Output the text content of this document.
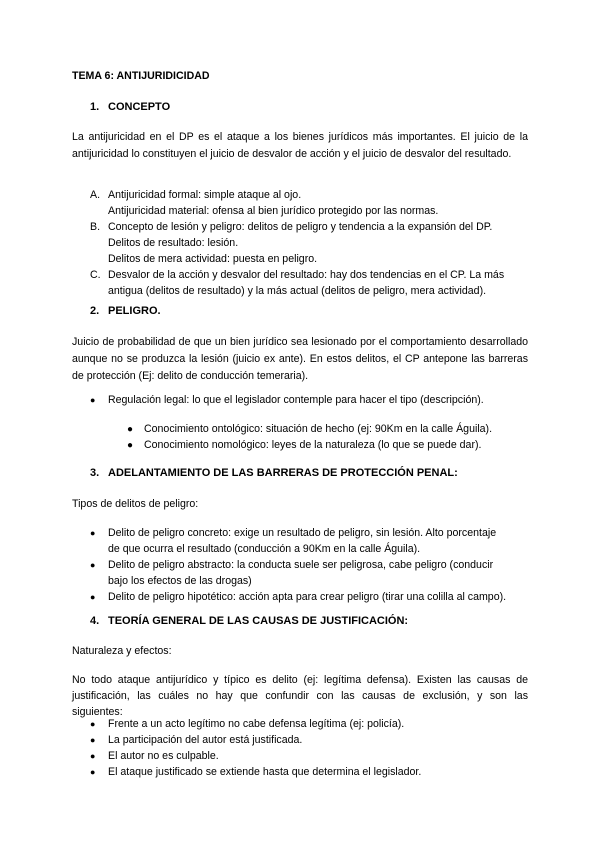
TEMA 6: ANTIJURIDICIDAD
1. CONCEPTO
La antijuricidad en el DP es el ataque a los bienes jurídicos más importantes. El juicio de la antijuricidad lo constituyen el juicio de desvalor de acción y el juicio de desvalor del resultado.
A. Antijuricidad formal: simple ataque al ojo.
Antijuricidad material: ofensa al bien jurídico protegido por las normas.
B. Concepto de lesión y peligro: delitos de peligro y tendencia a la expansión del DP.
Delitos de resultado: lesión.
Delitos de mera actividad: puesta en peligro.
C. Desvalor de la acción y desvalor del resultado: hay dos tendencias en el CP. La más
antigua (delitos de resultado) y la más actual (delitos de peligro, mera actividad).
2. PELIGRO.
Juicio de probabilidad de que un bien jurídico sea lesionado por el comportamiento desarrollado aunque no se produzca la lesión (juicio ex ante). En estos delitos, el CP antepone las barreras de protección (Ej: delito de conducción temeraria).
● Regulación legal: lo que el legislador contemple para hacer el tipo (descripción).
● Conocimiento ontológico: situación de hecho (ej: 90Km en la calle Águila).
● Conocimiento nomológico: leyes de la naturaleza (lo que se puede dar).
3. ADELANTAMIENTO DE LAS BARRERAS DE PROTECCIÓN PENAL:
Tipos de delitos de peligro:
● Delito de peligro concreto: exige un resultado de peligro, sin lesión. Alto porcentaje
de que ocurra el resultado (conducción a 90Km en la calle Águila).
● Delito de peligro abstracto: la conducta suele ser peligrosa, cabe peligro (conducir
bajo los efectos de las drogas)
● Delito de peligro hipotético: acción apta para crear peligro (tirar una colilla al campo).
4. TEORÍA GENERAL DE LAS CAUSAS DE JUSTIFICACIÓN:
Naturaleza y efectos:
No todo ataque antijurídico y típico es delito (ej: legítima defensa). Existen las causas de
justificación, las cuáles no hay que confundir con las causas de exclusión, y son las
siguientes:
● Frente a un acto legítimo no cabe defensa legítima (ej: policía).
● La participación del autor está justificada.
● El autor no es culpable.
● El ataque justificado se extiende hasta que determina el legislador.
